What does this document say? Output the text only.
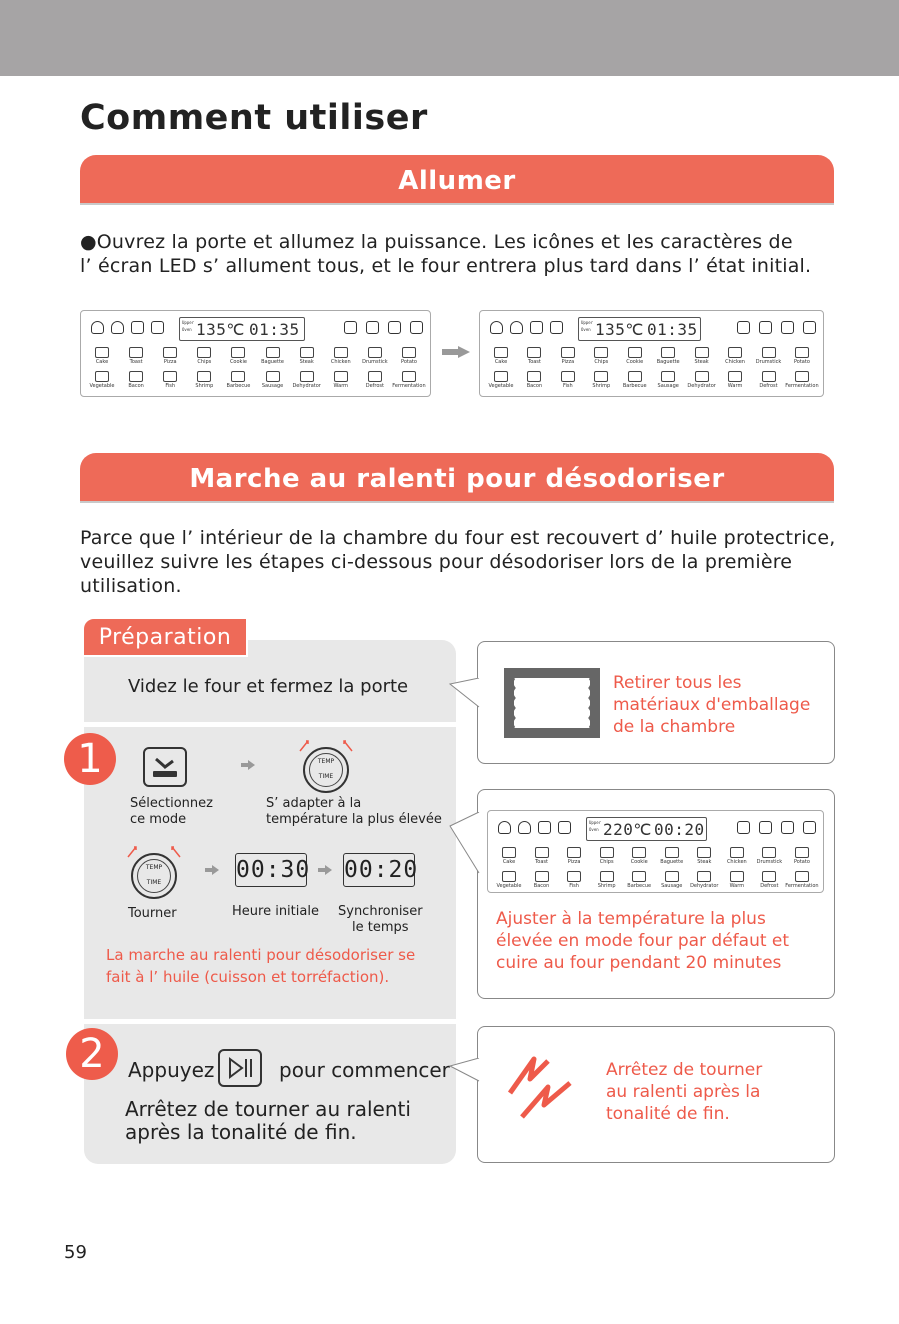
Comment utiliser
Allumer
●Ouvrez la porte et allumez la puissance. Les icônes et les caractères de
l’ écran LED s’ allument tous, et le four entrera plus tard dans l’ état initial.
Upper
Oven 135℃ 01:35
Cake	Toast	Pizza	Chips	Cookie	Baguette	Steak	Chicken Drumstick	Potato
Vegetable	Bacon	Fish	Shrimp	Barbecue Sausage Dehydrator	Warm	Defrost Fermentation
Upper
Oven 135℃ 01:35
Cake	Toast	Pizza	Chips	Cookie	Baguette	Steak	Chicken Drumstick	Potato
Vegetable	Bacon	Fish	Shrimp	Barbecue Sausage Dehydrator Warm	Defrost Fermentation
Marche au ralenti pour désodoriser
Parce que l’ intérieur de la chambre du four est recouvert d’ huile protectrice,
veuillez suivre les étapes ci-dessous pour désodoriser lors de la première
utilisation.
Préparation
Videz le four et fermez la porte	Retirer tous les
matériaux d'emballage
de la chambre
1	TEMP
TIME
Sélectionnez
ce mode
S’ adapter à la
température la plus élevée
TEMP
TIME	00:30 00:20
Tourner	Heure initiale Synchroniser
le temps
La marche au ralenti pour désodoriser se
fait à l’ huile (cuisson et torréfaction).
Upper
Oven 220℃ 00:20
Cake	Toast	Pizza	Chips	Cookie	Baguette	Steak	Chicken Drumstick Potato
Vegetable Bacon	Fish	Shrimp Barbecue Sausage Dehydrator Warm	Defrost Fermentation
Ajuster à la température la plus
élevée en mode four par défaut et
cuire au four pendant 20 minutes
2	Appuyez	pour commencer
Arrêtez de tourner au ralenti
après la tonalité de fin.
Arrêtez de tourner
au ralenti après la
tonalité de fin.
59
